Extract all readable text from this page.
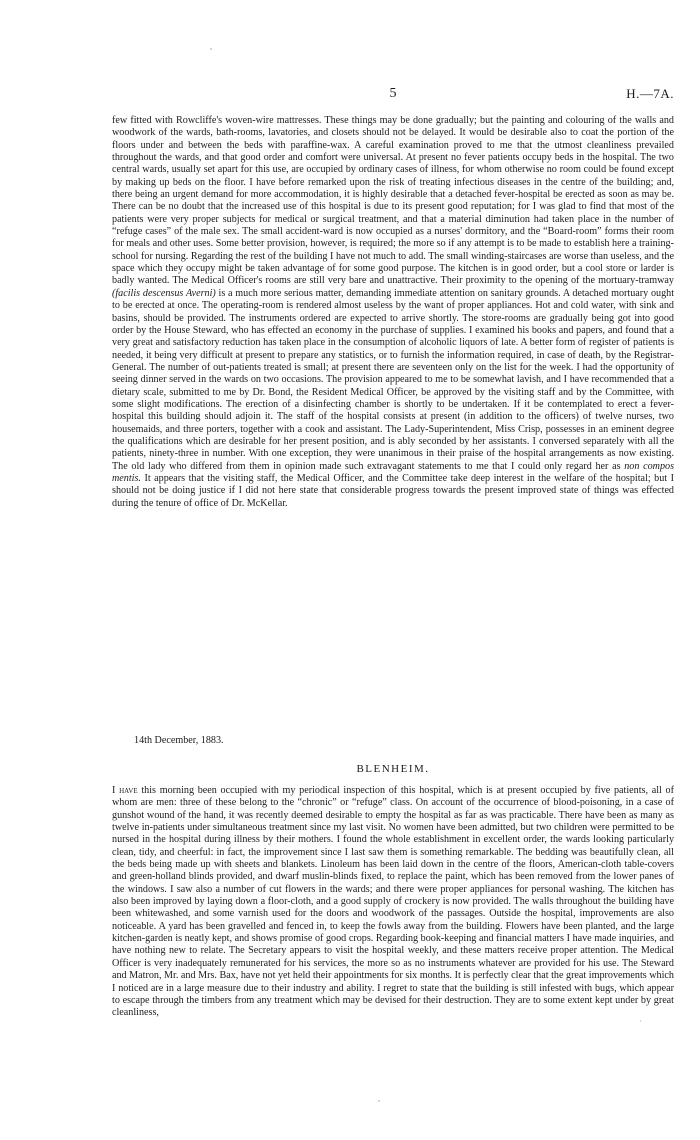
5	H.—7A.
few fitted with Rowcliffe's woven-wire mattresses. These things may be done gradually; but the painting and colouring of the walls and woodwork of the wards, bath-rooms, lavatories, and closets should not be delayed. It would be desirable also to coat the portion of the floors under and between the beds with paraffine-wax. A careful examination proved to me that the utmost cleanliness prevailed throughout the wards, and that good order and comfort were universal. At present no fever patients occupy beds in the hospital. The two central wards, usually set apart for this use, are occupied by ordinary cases of illness, for whom otherwise no room could be found except by making up beds on the floor. I have before remarked upon the risk of treating infectious diseases in the centre of the building; and, there being an urgent demand for more accommodation, it is highly desirable that a detached fever-hospital be erected as soon as may be. There can be no doubt that the increased use of this hospital is due to its present good reputation; for I was glad to find that most of the patients were very proper subjects for medical or surgical treatment, and that a material diminution had taken place in the number of “refuge cases” of the male sex. The small accident-ward is now occupied as a nurses' dormitory, and the “Board-room” forms their room for meals and other uses. Some better provision, however, is required; the more so if any attempt is to be made to establish here a training-school for nursing. Regarding the rest of the building I have not much to add. The small winding-staircases are worse than useless, and the space which they occupy might be taken advantage of for some good purpose. The kitchen is in good order, but a cool store or larder is badly wanted. The Medical Officer's rooms are still very bare and unattractive. Their proximity to the opening of the mortuary-tramway (facilis descensus Averni) is a much more serious matter, demanding immediate attention on sanitary grounds. A detached mortuary ought to be erected at once. The operating-room is rendered almost useless by the want of proper appliances. Hot and cold water, with sink and basins, should be provided. The instruments ordered are expected to arrive shortly. The store-rooms are gradually being got into good order by the House Steward, who has effected an economy in the purchase of supplies. I examined his books and papers, and found that a very great and satisfactory reduction has taken place in the consumption of alcoholic liquors of late. A better form of register of patients is needed, it being very difficult at present to prepare any statistics, or to furnish the information required, in case of death, by the Registrar-General. The number of out-patients treated is small; at present there are seventeen only on the list for the week. I had the opportunity of seeing dinner served in the wards on two occasions. The provision appeared to me to be somewhat lavish, and I have recommended that a dietary scale, submitted to me by Dr. Bond, the Resident Medical Officer, be approved by the visiting staff and by the Committee, with some slight modifications. The erection of a disinfecting chamber is shortly to be undertaken. If it be contemplated to erect a fever-hospital this building should adjoin it. The staff of the hospital consists at present (in addition to the officers) of twelve nurses, two housemaids, and three porters, together with a cook and assistant. The Lady-Superintendent, Miss Crisp, possesses in an eminent degree the qualifications which are desirable for her present position, and is ably seconded by her assistants. I conversed separately with all the patients, ninety-three in number. With one exception, they were unanimous in their praise of the hospital arrangements as now existing. The old lady who differed from them in opinion made such extravagant statements to me that I could only regard her as non compos mentis. It appears that the visiting staff, the Medical Officer, and the Committee take deep interest in the welfare of the hospital; but I should not be doing justice if I did not here state that considerable progress towards the present improved state of things was effected during the tenure of office of Dr. McKellar.
14th December, 1883.
BLENHEIM.
I have this morning been occupied with my periodical inspection of this hospital, which is at present occupied by five patients, all of whom are men: three of these belong to the “chronic” or “refuge” class. On account of the occurrence of blood-poisoning, in a case of gunshot wound of the hand, it was recently deemed desirable to empty the hospital as far as was practicable. There have been as many as twelve in-patients under simultaneous treatment since my last visit. No women have been admitted, but two children were permitted to be nursed in the hospital during illness by their mothers. I found the whole establishment in excellent order, the wards looking particularly clean, tidy, and cheerful: in fact, the improvement since I last saw them is something remarkable. The bedding was beautifully clean, all the beds being made up with sheets and blankets. Linoleum has been laid down in the centre of the floors, American-cloth table-covers and green-holland blinds provided, and dwarf muslin-blinds fixed, to replace the paint, which has been removed from the lower panes of the windows. I saw also a number of cut flowers in the wards; and there were proper appliances for personal washing. The kitchen has also been improved by laying down a floor-cloth, and a good supply of crockery is now provided. The walls throughout the building have been whitewashed, and some varnish used for the doors and woodwork of the passages. Outside the hospital, improvements are also noticeable. A yard has been gravelled and fenced in, to keep the fowls away from the building. Flowers have been planted, and the large kitchen-garden is neatly kept, and shows promise of good crops. Regarding book-keeping and financial matters I have made inquiries, and have nothing new to relate. The Secretary appears to visit the hospital weekly, and these matters receive proper attention. The Medical Officer is very inadequately remunerated for his services, the more so as no instruments whatever are provided for his use. The Steward and Matron, Mr. and Mrs. Bax, have not yet held their appointments for six months. It is perfectly clear that the great improvements which I noticed are in a large measure due to their industry and ability. I regret to state that the building is still infested with bugs, which appear to escape through the timbers from any treatment which may be devised for their destruction. They are to some extent kept under by great cleanliness,
